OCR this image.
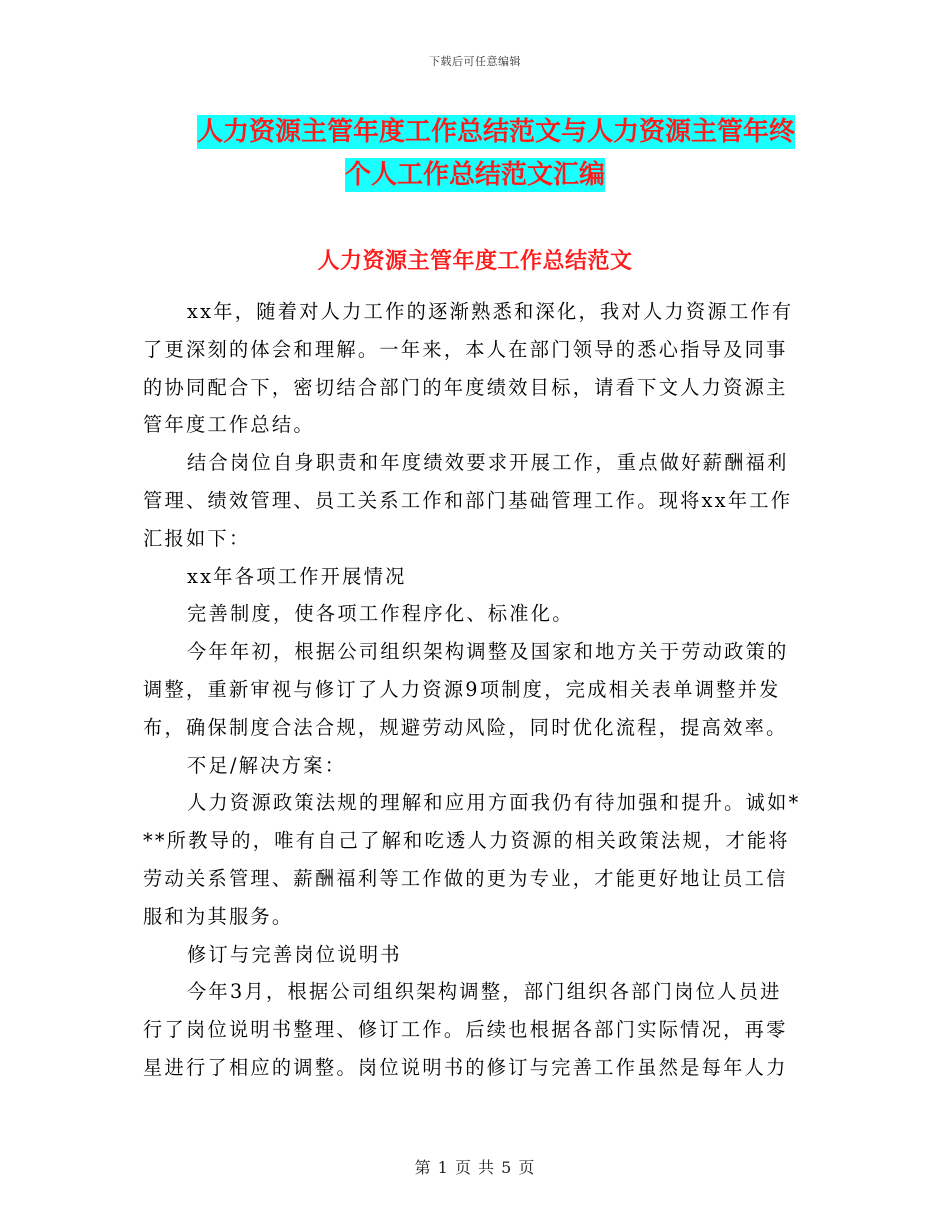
下载后可任意编辑
人力资源主管年度工作总结范文与人力资源主管年终
个人工作总结范文汇编
人力资源主管年度工作总结范文
xx年，随着对人力工作的逐渐熟悉和深化，我对人力资源工作有
了更深刻的体会和理解。一年来，本人在部门领导的悉心指导及同事
的协同配合下，密切结合部门的年度绩效目标，请看下文人力资源主
管年度工作总结。
结合岗位自身职责和年度绩效要求开展工作，重点做好薪酬福利
管理、绩效管理、员工关系工作和部门基础管理工作。现将xx年工作
汇报如下：
xx年各项工作开展情况
完善制度，使各项工作程序化、标准化。
今年年初，根据公司组织架构调整及国家和地方关于劳动政策的
调整，重新审视与修订了人力资源9项制度，完成相关表单调整并发
布，确保制度合法合规，规避劳动风险，同时优化流程，提高效率。
不足/解决方案：
人力资源政策法规的理解和应用方面我仍有待加强和提升。诚如*
**所教导的，唯有自己了解和吃透人力资源的相关政策法规，才能将
劳动关系管理、薪酬福利等工作做的更为专业，才能更好地让员工信
服和为其服务。
修订与完善岗位说明书
今年3月，根据公司组织架构调整，部门组织各部门岗位人员进
行了岗位说明书整理、修订工作。后续也根据各部门实际情况，再零
星进行了相应的调整。岗位说明书的修订与完善工作虽然是每年人力
第 1 页 共 5 页
